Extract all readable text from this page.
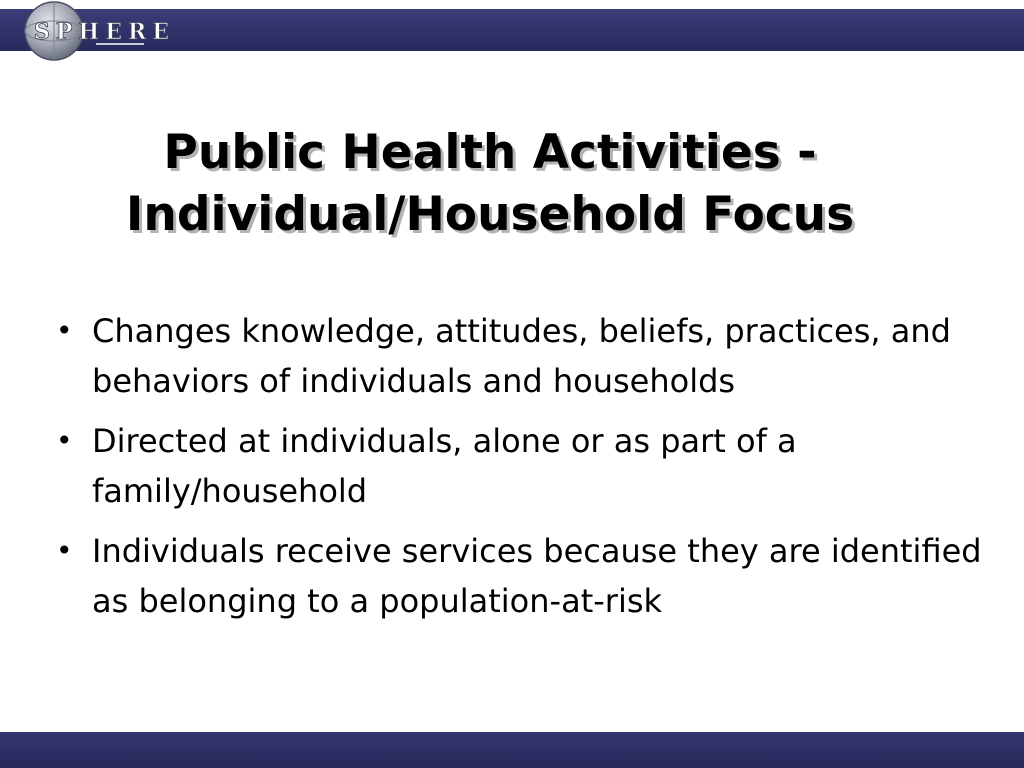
SPHERE
Public Health Activities -
Individual/Household Focus
• Changes knowledge, attitudes, beliefs, practices, and behaviors of individuals and households
• Directed at individuals, alone or as part of a family/household
• Individuals receive services because they are identified as belonging to a population-at-risk
